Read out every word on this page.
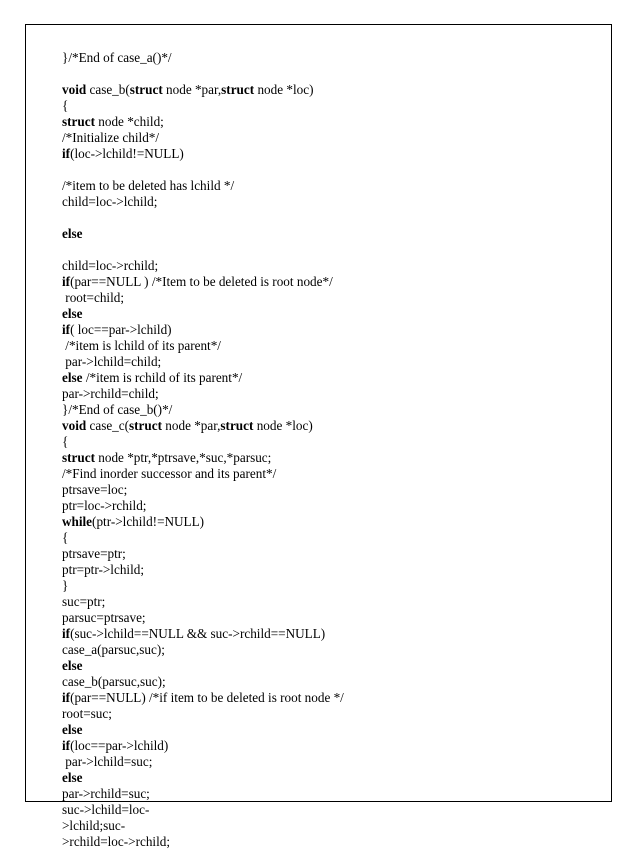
}/*End of case_a()*/
void case_b(struct node *par,struct node *loc)
{
struct node *child;
/*Initialize child*/
if(loc->lchild!=NULL)
/*item to be deleted has lchild */
child=loc->lchild;
else
child=loc->rchild;
if(par==NULL ) /*Item to be deleted is root node*/
root=child;
else
if( loc==par->lchild)
/*item is lchild of its parent*/
par->lchild=child;
else /*item is rchild of its parent*/
par->rchild=child;
}/*End of case_b()*/
void case_c(struct node *par,struct node *loc)
{
struct node *ptr,*ptrsave,*suc,*parsuc;
/*Find inorder successor and its parent*/
ptrsave=loc;
ptr=loc->rchild;
while(ptr->lchild!=NULL)
{
ptrsave=ptr;
ptr=ptr->lchild;
}
suc=ptr;
parsuc=ptrsave;
if(suc->lchild==NULL && suc->rchild==NULL)
case_a(parsuc,suc);
else
case_b(parsuc,suc);
if(par==NULL) /*if item to be deleted is root node */
root=suc;
else
if(loc==par->lchild)
par->lchild=suc;
else
par->rchild=suc;
suc->lchild=loc-
>lchild;suc-
>rchild=loc->rchild;
